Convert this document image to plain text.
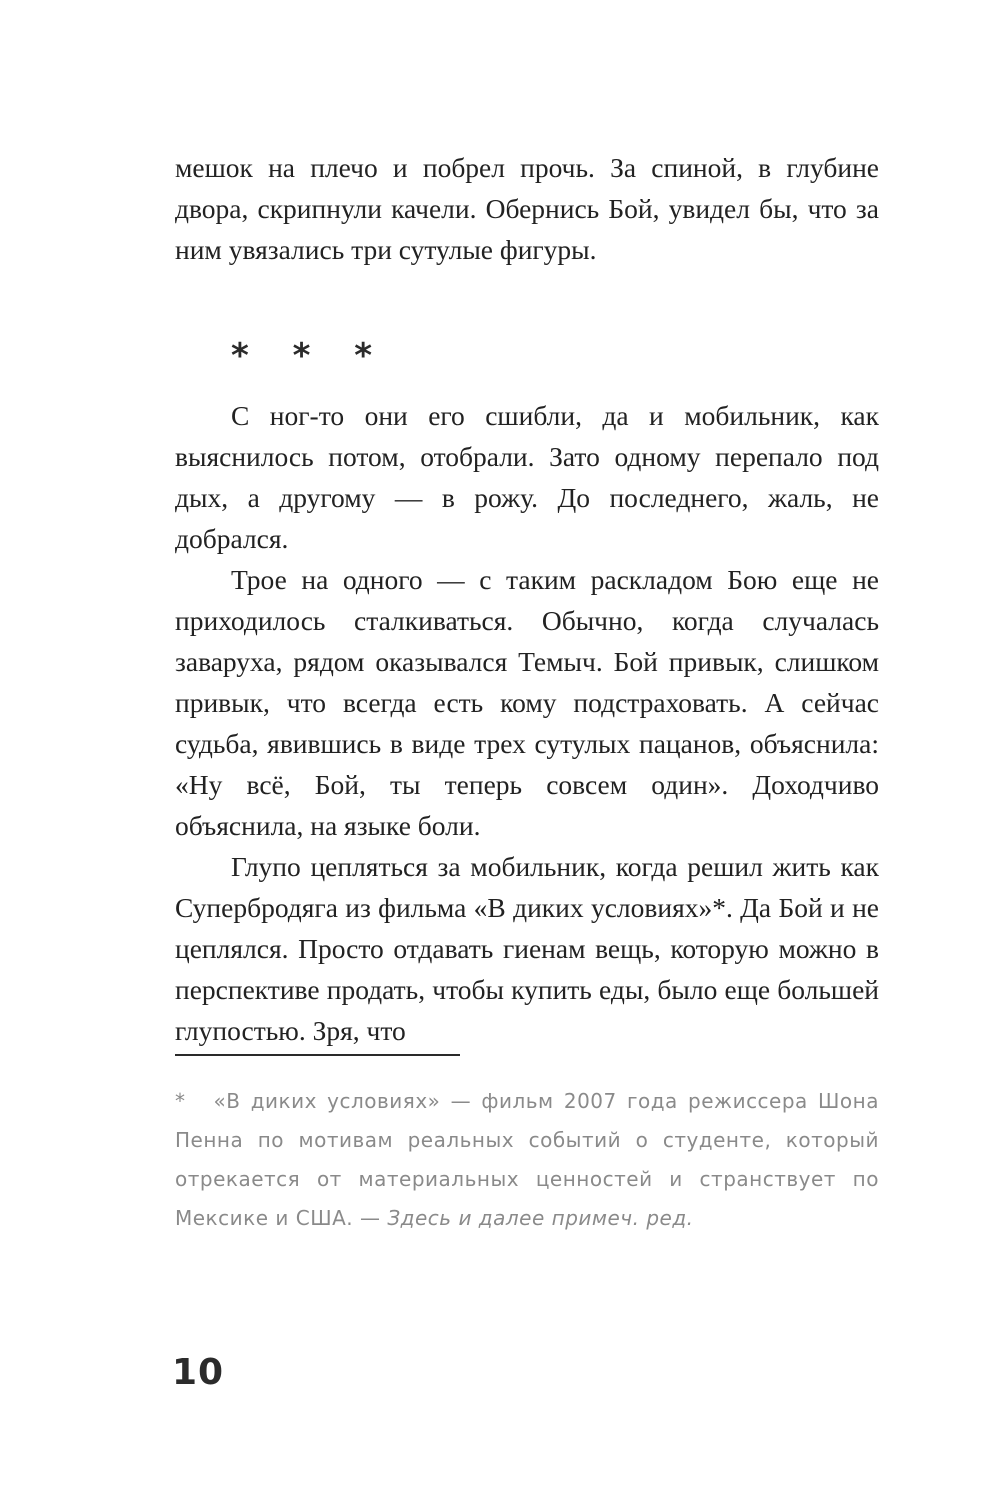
мешок на плечо и побрел прочь. За спиной, в глубине двора, скрипнули качели. Обернись Бой, увидел бы, что за ним увязались три сутулые фигуры.

* * *

С ног-то они его сшибли, да и мобильник, как выяснилось потом, отобрали. Зато одному перепало под дых, а другому — в рожу. До последнего, жаль, не добрался.

Трое на одного — с таким раскладом Бою еще не приходилось сталкиваться. Обычно, когда случалась заваруха, рядом оказывался Темыч. Бой привык, слишком привык, что всегда есть кому подстраховать. А сейчас судьба, явившись в виде трех сутулых пацанов, объяснила: «Ну всё, Бой, ты теперь совсем один». Доходчиво объяснила, на языке боли.

Глупо цепляться за мобильник, когда решил жить как Супербродяга из фильма «В диких условиях»*. Да Бой и не цеплялся. Просто отдавать гиенам вещь, которую можно в перспективе продать, чтобы купить еды, было еще большей глупостью. Зря, что

* «В диких условиях» — фильм 2007 года режиссера Шона Пенна по мотивам реальных событий о студенте, который отрекается от материальных ценностей и странствует по Мексике и США. — Здесь и далее примеч. ред.
10
